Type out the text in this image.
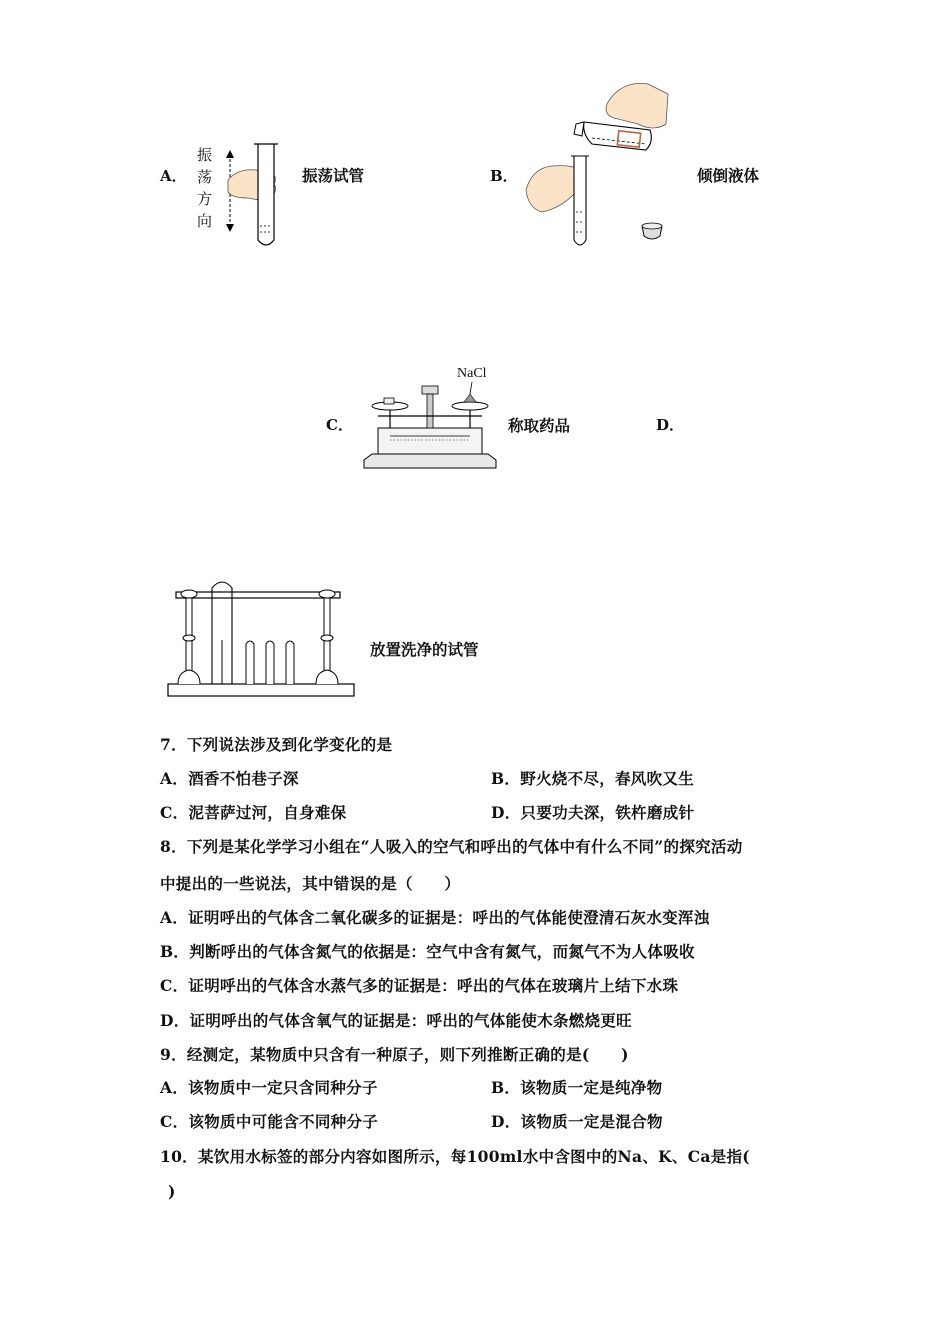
A．
振
荡
方
向
振荡试管	B．	倾倒液体
C．
NaCl
称取药品	D．
放置洗净的试管
7．下列说法涉及到化学变化的是
A．酒香不怕巷子深	B．野火烧不尽，春风吹又生
C．泥菩萨过河，自身难保	D．只要功夫深，铁杵磨成针
8．下列是某化学学习小组在“人吸入的空气和呼出的气体中有什么不同”的探究活动
中提出的一些说法，其中错误的是（　　）
A．证明呼出的气体含二氧化碳多的证据是：呼出的气体能使澄清石灰水变浑浊
B．判断呼出的气体含氮气的依据是：空气中含有氮气，而氮气不为人体吸收
C．证明呼出的气体含水蒸气多的证据是：呼出的气体在玻璃片上结下水珠
D．证明呼出的气体含氧气的证据是：呼出的气体能使木条燃烧更旺
9．经测定，某物质中只含有一种原子，则下列推断正确的是(　　)
A．该物质中一定只含同种分子	B．该物质一定是纯净物
C．该物质中可能含不同种分子	D．该物质一定是混合物
10．某饮用水标签的部分内容如图所示，每100ml水中含图中的Na、K、Ca是指(
)
